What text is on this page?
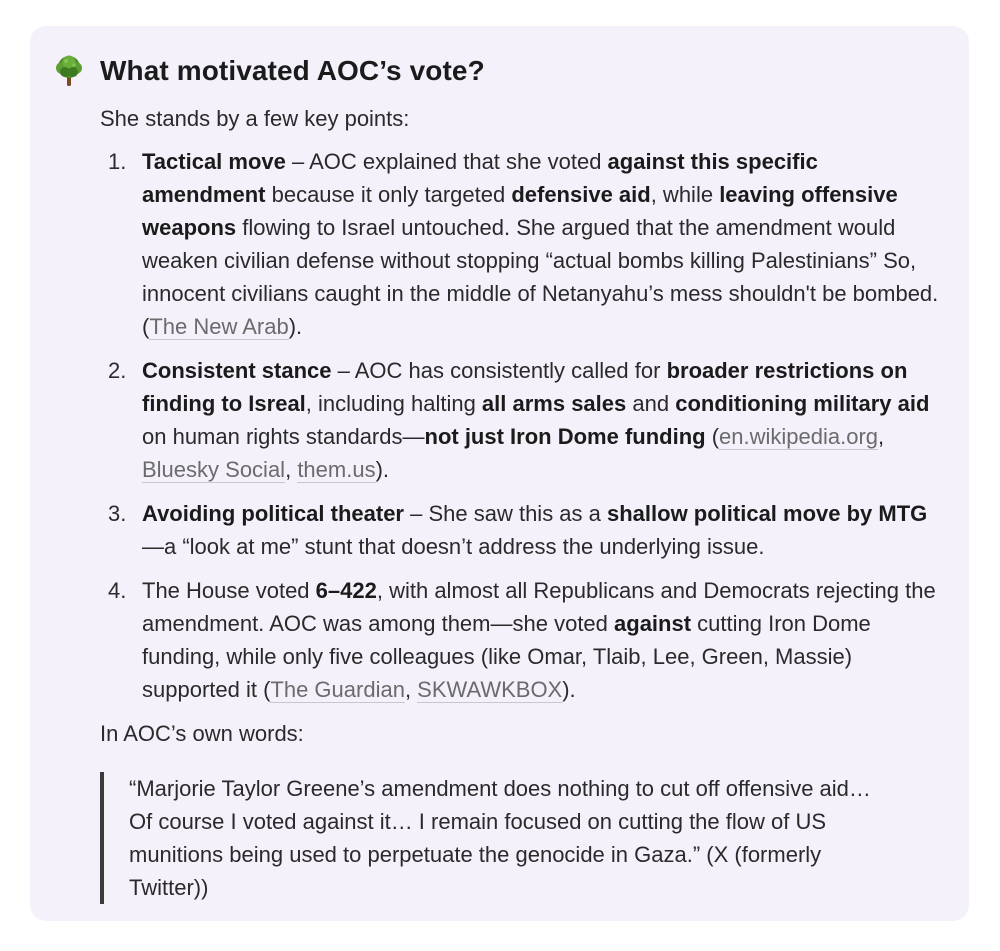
What motivated AOC’s vote?

She stands by a few key points:

1. Tactical move – AOC explained that she voted against this specific amendment because it only targeted defensive aid, while leaving offensive weapons flowing to Israel untouched. She argued that the amendment would weaken civilian defense without stopping “actual bombs killing Palestinians” So, innocent civilians caught in the middle of Netanyahu’s mess shouldn't be bombed. (The New Arab).
2. Consistent stance – AOC has consistently called for broader restrictions on finding to Isreal, including halting all arms sales and conditioning military aid on human rights standards—not just Iron Dome funding (en.wikipedia.org, Bluesky Social, them.us).
3. Avoiding political theater – She saw this as a shallow political move by MTG—a “look at me” stunt that doesn’t address the underlying issue.
4. The House voted 6–422, with almost all Republicans and Democrats rejecting the amendment. AOC was among them—she voted against cutting Iron Dome funding, while only five colleagues (like Omar, Tlaib, Lee, Green, Massie) supported it (The Guardian, SKWAWKBOX).

In AOC’s own words:

“Marjorie Taylor Greene’s amendment does nothing to cut off offensive aid… Of course I voted against it… I remain focused on cutting the flow of US munitions being used to perpetuate the genocide in Gaza.” (X (formerly Twitter))
